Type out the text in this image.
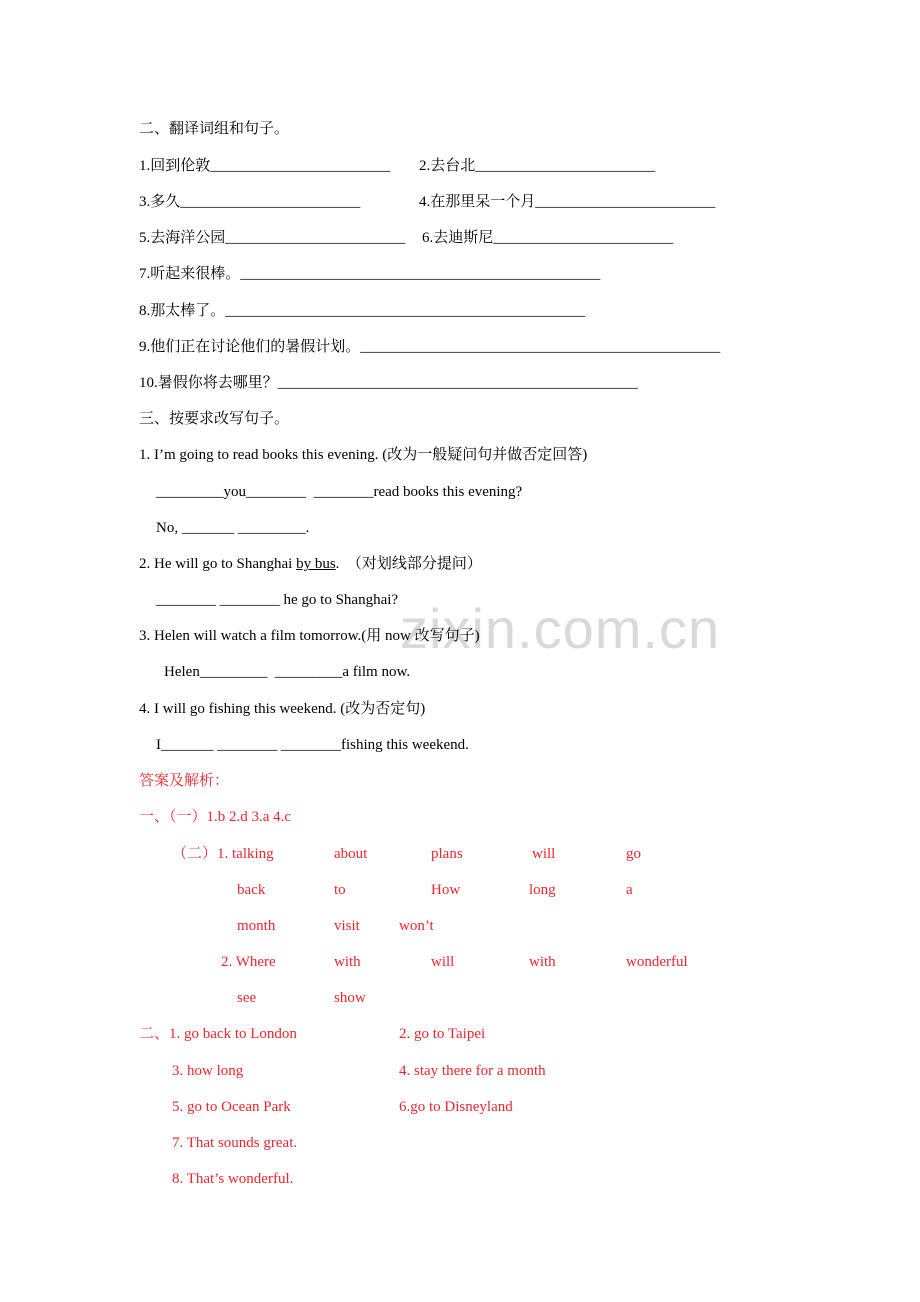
zixin.com.cn
二、翻译词组和句子。
1.回到伦敦________________________ 2.去台北________________________
3.多久________________________	4.在那里呆一个月________________________
5.去海洋公园________________________ 6.去迪斯尼________________________
7.听起来很棒。________________________________________________
8.那太棒了。________________________________________________
9.他们正在讨论他们的暑假计划。________________________________________________
10.暑假你将去哪里？________________________________________________
三、按要求改写句子。
1. I’m going to read books this evening. (改为一般疑问句并做否定回答)
_________you________  ________read books this evening?
No, _______ _________.
2. He will go to Shanghai by bus.  （对划线部分提问）
________ ________ he go to Shanghai?
3. Helen will watch a film tomorrow.(用 now 改写句子)
Helen_________  _________a film now.
4. I will go fishing this weekend. (改为否定句)
I_______ ________ ________fishing this weekend.
答案及解析：
一、（一）1.b 2.d 3.a 4.c
（二）1. talking	about	plans	will	go
back	to	How	long	a
month	visit	won’t
2. Where	with	will	with	wonderful
see	show
二、1. go back to London	2. go to Taipei
3. how long	4. stay there for a month
5. go to Ocean Park	6.go to Disneyland
7. That sounds great.
8. That’s wonderful.
